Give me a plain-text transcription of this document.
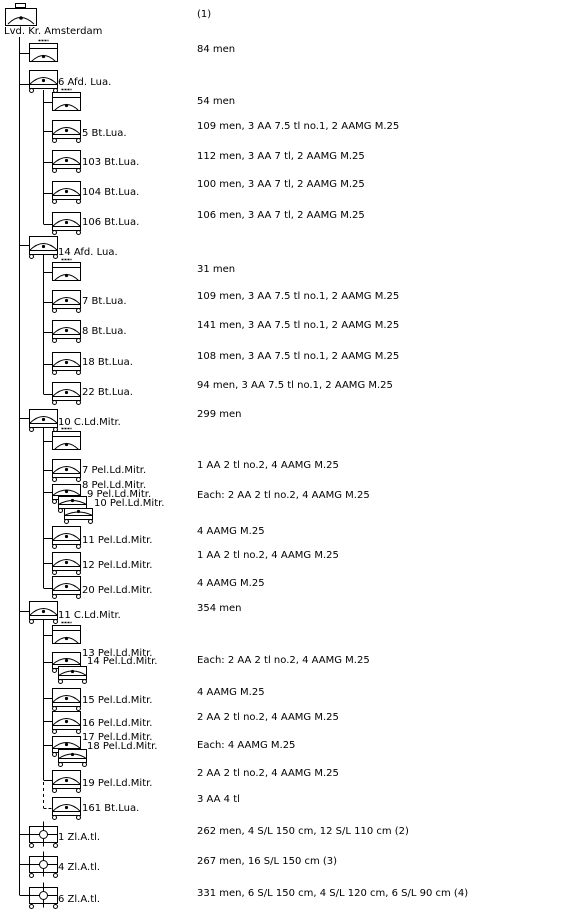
Lvd. Kr. Amsterdam
(1)
84 men
6 Afd. Lua.
54 men
5 Bt.Lua.
109 men, 3 AA 7.5 tl no.1, 2 AAMG M.25
103 Bt.Lua.
112 men, 3 AA 7 tl, 2 AAMG M.25
104 Bt.Lua.
100 men, 3 AA 7 tl, 2 AAMG M.25
106 Bt.Lua.
106 men, 3 AA 7 tl, 2 AAMG M.25
14 Afd. Lua.
31 men
7 Bt.Lua.	109 men, 3 AA 7.5 tl no.1, 2 AAMG M.25
8 Bt.Lua.
141 men, 3 AA 7.5 tl no.1, 2 AAMG M.25
18 Bt.Lua.
108 men, 3 AA 7.5 tl no.1, 2 AAMG M.25
22 Bt.Lua.
94 men, 3 AA 7.5 tl no.1, 2 AAMG M.25
10 C.Ld.Mitr.
299 men
7 Pel.Ld.Mitr.	1 AA 2 tl no.2, 4 AAMG M.25
8 Pel.Ld.Mitr.
Each: 2 AA 2 tl no.2, 4 AAMG M.25
9 Pel.Ld.Mitr.
10 Pel.Ld.Mitr.
11 Pel.Ld.Mitr.
4 AAMG M.25
12 Pel.Ld.Mitr.
1 AA 2 tl no.2, 4 AAMG M.25
20 Pel.Ld.Mitr.
4 AAMG M.25
11 C.Ld.Mitr.
354 men
13 Pel.Ld.Mitr.
Each: 2 AA 2 tl no.2, 4 AAMG M.25
14 Pel.Ld.Mitr.
15 Pel.Ld.Mitr.
4 AAMG M.25
16 Pel.Ld.Mitr.
2 AA 2 tl no.2, 4 AAMG M.25
17 Pel.Ld.Mitr.
Each: 4 AAMG M.25
18 Pel.Ld.Mitr.
19 Pel.Ld.Mitr.
2 AA 2 tl no.2, 4 AAMG M.25
161 Bt.Lua.
3 AA 4 tl
1 Zl.A.tl.
262 men, 4 S/L 150 cm, 12 S/L 110 cm (2)
4 Zl.A.tl.
267 men, 16 S/L 150 cm (3)
6 Zl.A.tl.
331 men, 6 S/L 150 cm, 4 S/L 120 cm, 6 S/L 90 cm (4)
